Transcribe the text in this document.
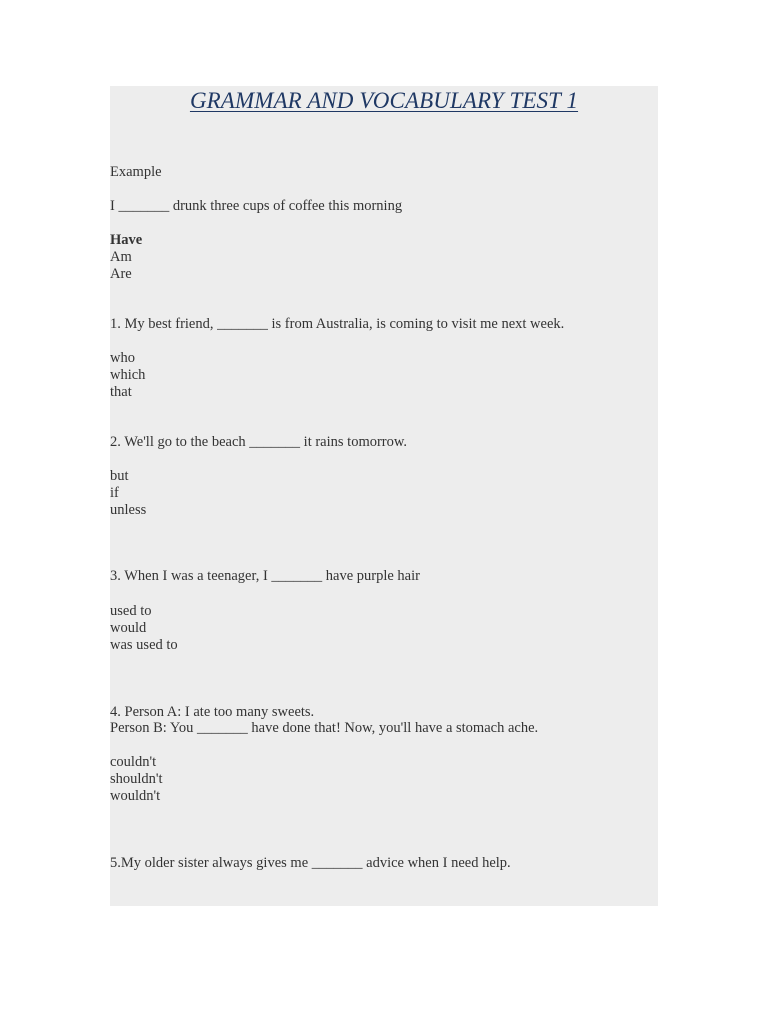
GRAMMAR AND VOCABULARY TEST 1

Example

I _______ drunk three cups of coffee this morning

Have

Am

Are

1. My best friend, _______ is from Australia, is coming to visit me next week.

who

which

that

2. We'll go to the beach _______ it rains tomorrow.

but

if

unless

3. When I was a teenager, I _______ have purple hair

used to

would

was used to

4. Person A: I ate too many sweets.

Person B: You _______ have done that! Now, you'll have a stomach ache.

couldn't

shouldn't

wouldn't

5.My older sister always gives me _______ advice when I need help.
